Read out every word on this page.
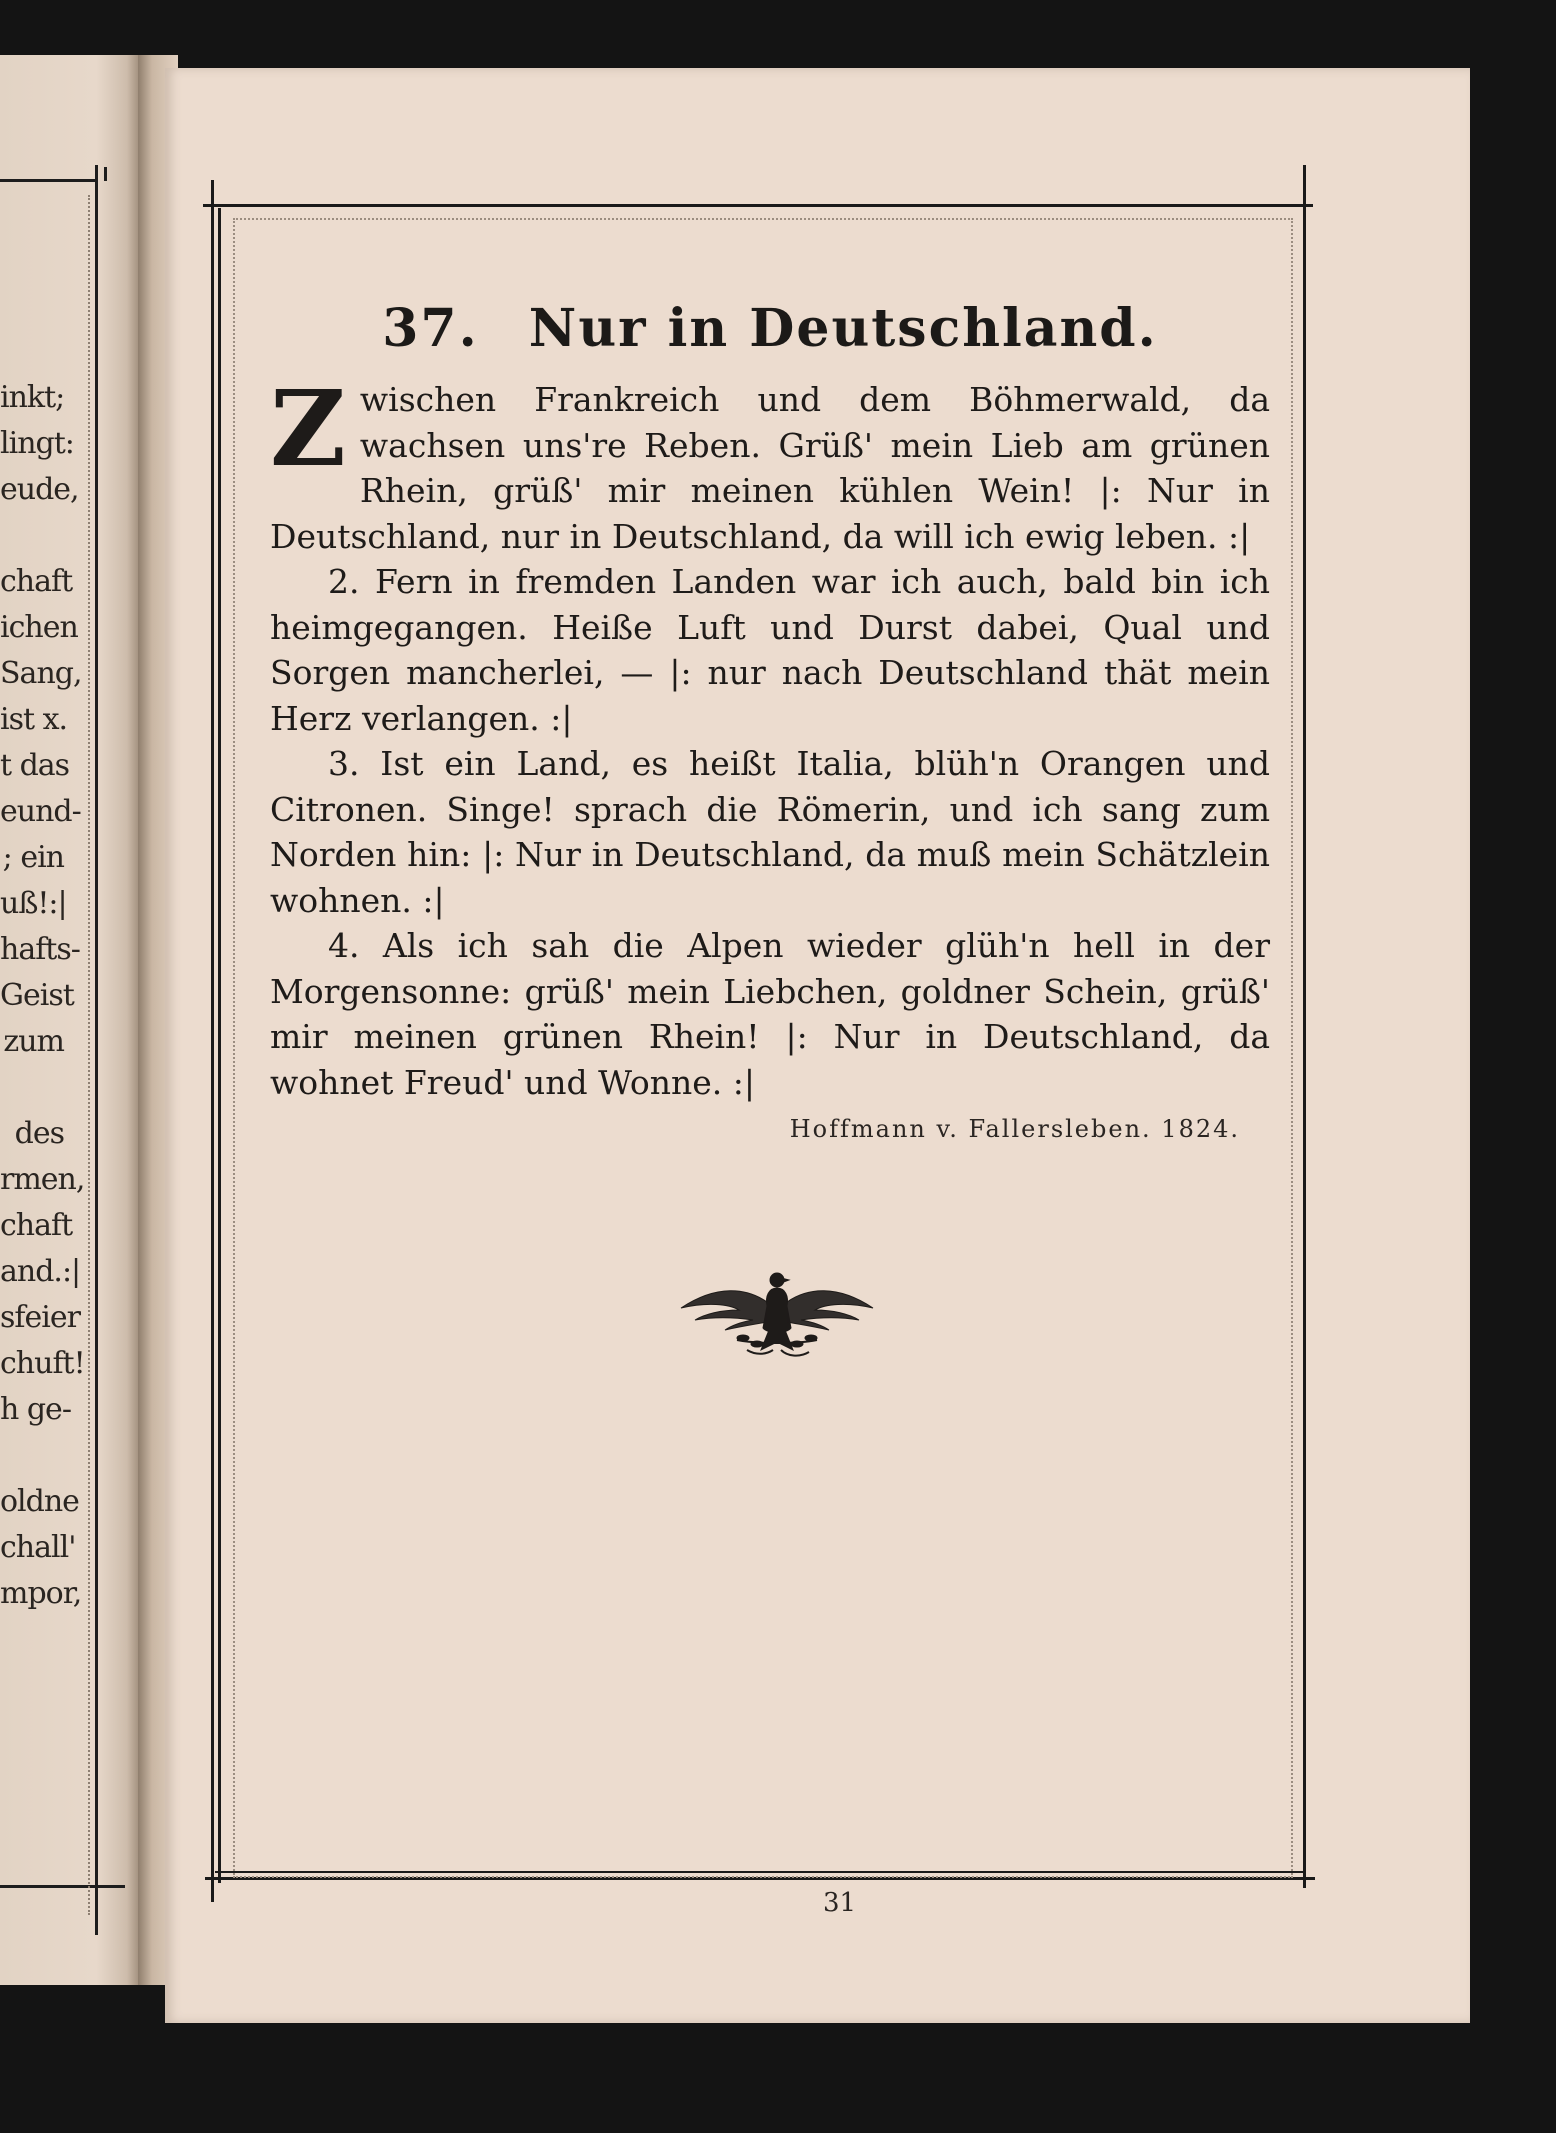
inkt;
lingt:
eude,
chaft
ichen
Sang,
ist x.
t das
eund-
; ein
uß!:|
hafts-
Geist
zum
des
rmen,
chaft
and.:|
sfeier
chuft!
h ge-
oldne
chall'
mpor,
37. Nur in Deutschland.

Zwischen Frankreich und dem Böhmerwald, da wachsen uns're Reben. Grüß' mein Lieb am grünen Rhein, grüß' mir meinen kühlen Wein! |: Nur in Deutschland, nur in Deutschland, da will ich ewig leben. :|

2. Fern in fremden Landen war ich auch, bald bin ich heimgegangen. Heiße Luft und Durst dabei, Qual und Sorgen mancherlei, — |: nur nach Deutschland thät mein Herz verlangen. :|

3. Ist ein Land, es heißt Italia, blüh'n Orangen und Citronen. Singe! sprach die Römerin, und ich sang zum Norden hin: |: Nur in Deutschland, da muß mein Schätzlein wohnen. :|

4. Als ich sah die Alpen wieder glüh'n hell in der Morgensonne: grüß' mein Liebchen, goldner Schein, grüß' mir meinen grünen Rhein! |: Nur in Deutschland, da wohnet Freud' und Wonne. :|

Hoffmann v. Fallersleben. 1824.
31
